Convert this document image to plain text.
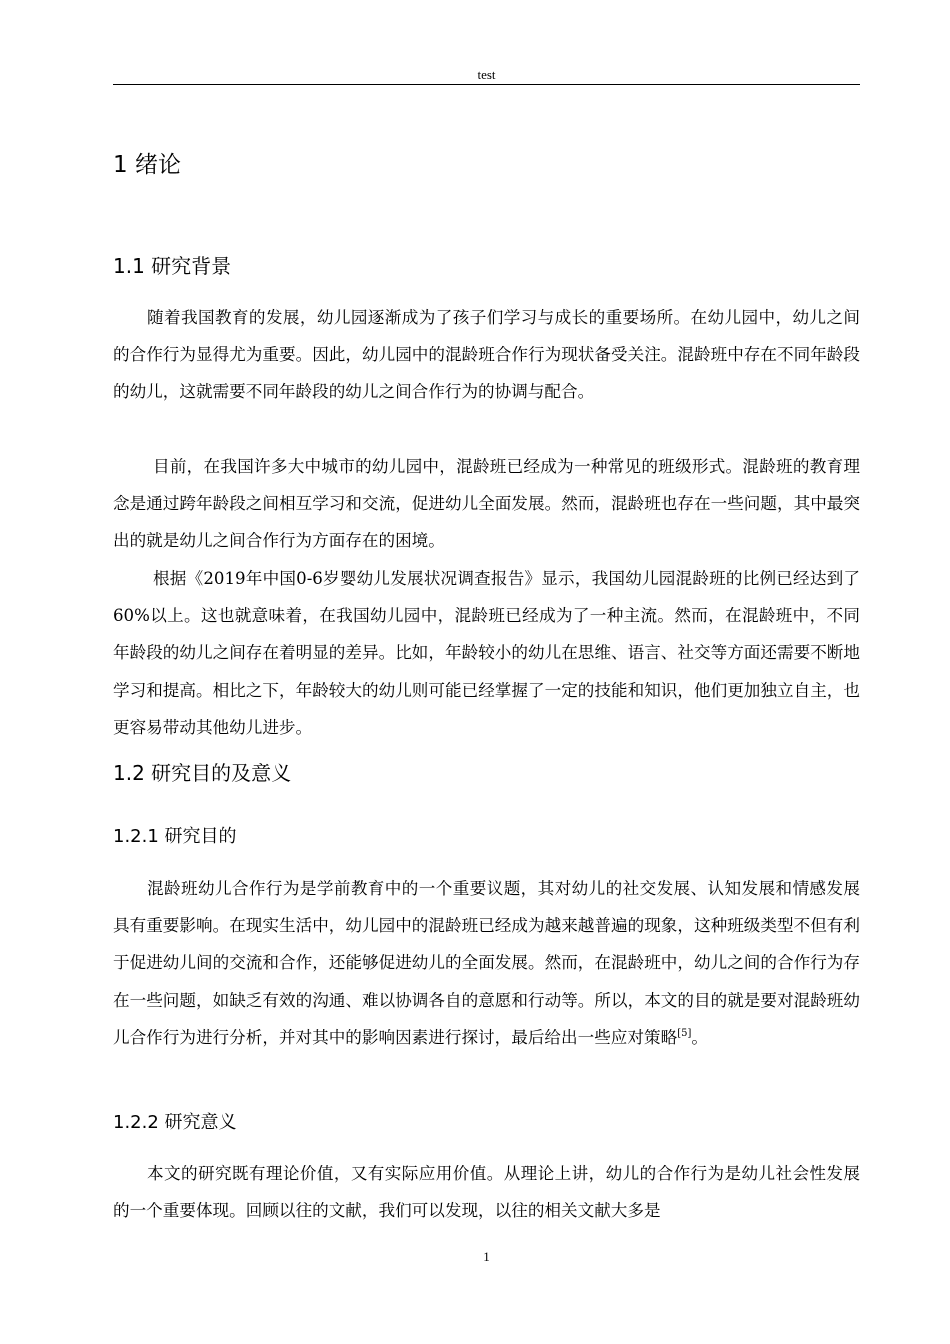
test
1 绪论
1.1 研究背景

随着我国教育的发展，幼儿园逐渐成为了孩子们学习与成长的重要场所。在幼儿园中，幼儿之间的合作行为显得尤为重要。因此，幼儿园中的混龄班合作行为现状备受关注。混龄班中存在不同年龄段的幼儿，这就需要不同年龄段的幼儿之间合作行为的协调与配合。

目前，在我国许多大中城市的幼儿园中，混龄班已经成为一种常见的班级形式。混龄班的教育理念是通过跨年龄段之间相互学习和交流，促进幼儿全面发展。然而，混龄班也存在一些问题，其中最突出的就是幼儿之间合作行为方面存在的困境。

根据《2019年中国0-6岁婴幼儿发展状况调查报告》显示，我国幼儿园混龄班的比例已经达到了60%以上。这也就意味着，在我国幼儿园中，混龄班已经成为了一种主流。然而，在混龄班中，不同年龄段的幼儿之间存在着明显的差异。比如，年龄较小的幼儿在思维、语言、社交等方面还需要不断地学习和提高。相比之下，年龄较大的幼儿则可能已经掌握了一定的技能和知识，他们更加独立自主，也更容易带动其他幼儿进步。

1.2 研究目的及意义
1.2.1 研究目的

混龄班幼儿合作行为是学前教育中的一个重要议题，其对幼儿的社交发展、认知发展和情感发展具有重要影响。在现实生活中，幼儿园中的混龄班已经成为越来越普遍的现象，这种班级类型不但有利于促进幼儿间的交流和合作，还能够促进幼儿的全面发展。然而，在混龄班中，幼儿之间的合作行为存在一些问题，如缺乏有效的沟通、难以协调各自的意愿和行动等。所以，本文的目的就是要对混龄班幼儿合作行为进行分析，并对其中的影响因素进行探讨，最后给出一些应对策略[5]。

1.2.2 研究意义

本文的研究既有理论价值，又有实际应用价值。从理论上讲，幼儿的合作行为是幼儿社会性发展的一个重要体现。回顾以往的文献，我们可以发现，以往的相关文献大多是

1
